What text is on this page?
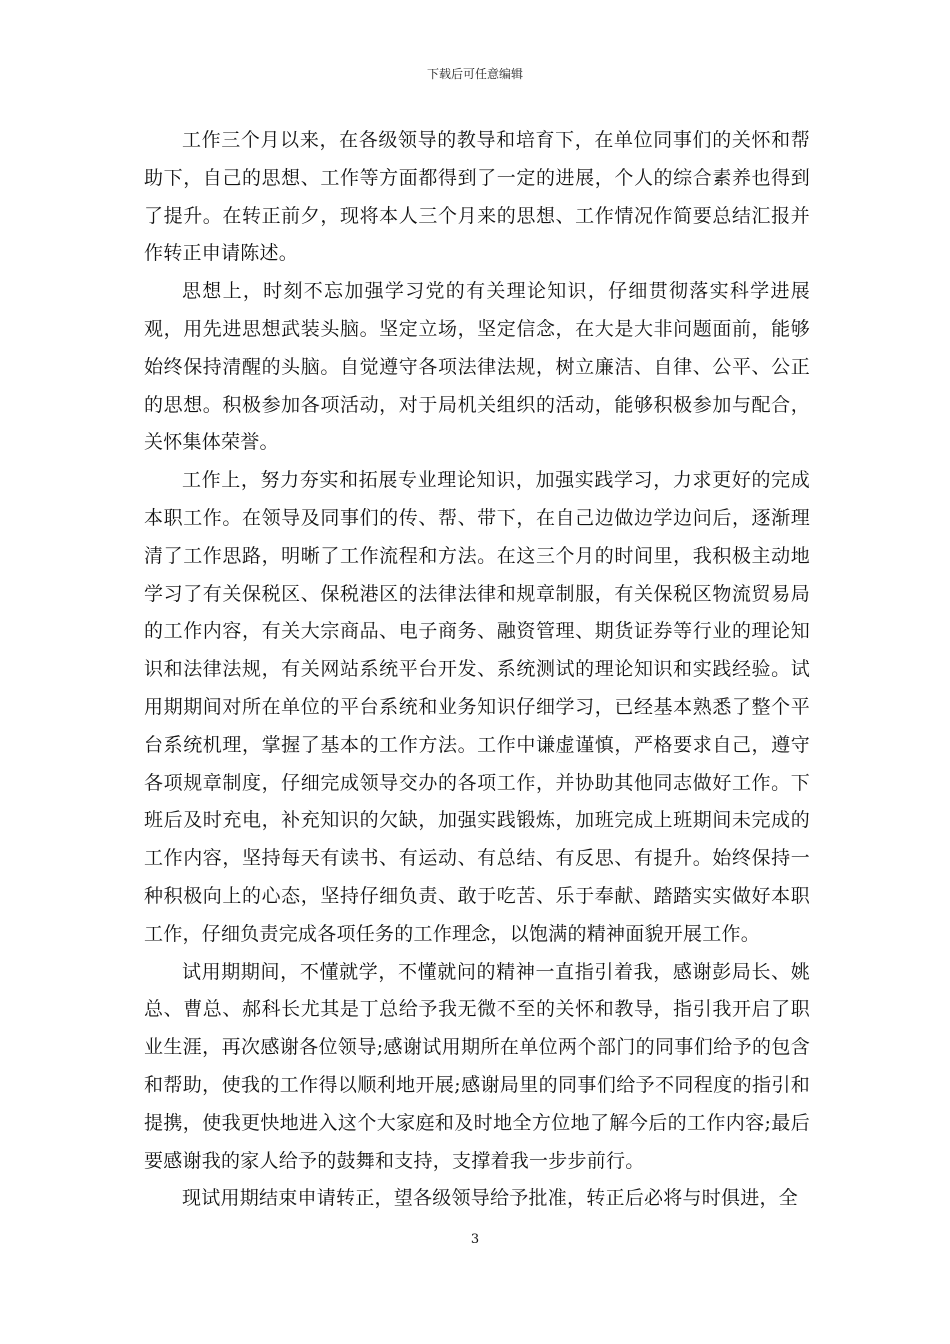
下载后可任意编辑

工作三个月以来，在各级领导的教导和培育下，在单位同事们的关怀和帮助下，自己的思想、工作等方面都得到了一定的进展，个人的综合素养也得到了提升。在转正前夕，现将本人三个月来的思想、工作情况作简要总结汇报并作转正申请陈述。

思想上，时刻不忘加强学习党的有关理论知识，仔细贯彻落实科学进展观，用先进思想武装头脑。坚定立场，坚定信念，在大是大非问题面前，能够始终保持清醒的头脑。自觉遵守各项法律法规，树立廉洁、自律、公平、公正的思想。积极参加各项活动，对于局机关组织的活动，能够积极参加与配合，关怀集体荣誉。

工作上，努力夯实和拓展专业理论知识，加强实践学习，力求更好的完成本职工作。在领导及同事们的传、帮、带下，在自己边做边学边问后，逐渐理清了工作思路，明晰了工作流程和方法。在这三个月的时间里，我积极主动地学习了有关保税区、保税港区的法律法律和规章制服，有关保税区物流贸易局的工作内容，有关大宗商品、电子商务、融资管理、期货证券等行业的理论知识和法律法规，有关网站系统平台开发、系统测试的理论知识和实践经验。试用期期间对所在单位的平台系统和业务知识仔细学习，已经基本熟悉了整个平台系统机理，掌握了基本的工作方法。工作中谦虚谨慎，严格要求自己，遵守各项规章制度，仔细完成领导交办的各项工作，并协助其他同志做好工作。下班后及时充电，补充知识的欠缺，加强实践锻炼，加班完成上班期间未完成的工作内容，坚持每天有读书、有运动、有总结、有反思、有提升。始终保持一种积极向上的心态，坚持仔细负责、敢于吃苦、乐于奉献、踏踏实实做好本职工作，仔细负责完成各项任务的工作理念，以饱满的精神面貌开展工作。

试用期期间，不懂就学，不懂就问的精神一直指引着我，感谢彭局长、姚总、曹总、郝科长尤其是丁总给予我无微不至的关怀和教导，指引我开启了职业生涯，再次感谢各位领导;感谢试用期所在单位两个部门的同事们给予的包含和帮助，使我的工作得以顺利地开展;感谢局里的同事们给予不同程度的指引和提携，使我更快地进入这个大家庭和及时地全方位地了解今后的工作内容;最后要感谢我的家人给予的鼓舞和支持，支撑着我一步步前行。

现试用期结束申请转正，望各级领导给予批准，转正后必将与时俱进，全

3
